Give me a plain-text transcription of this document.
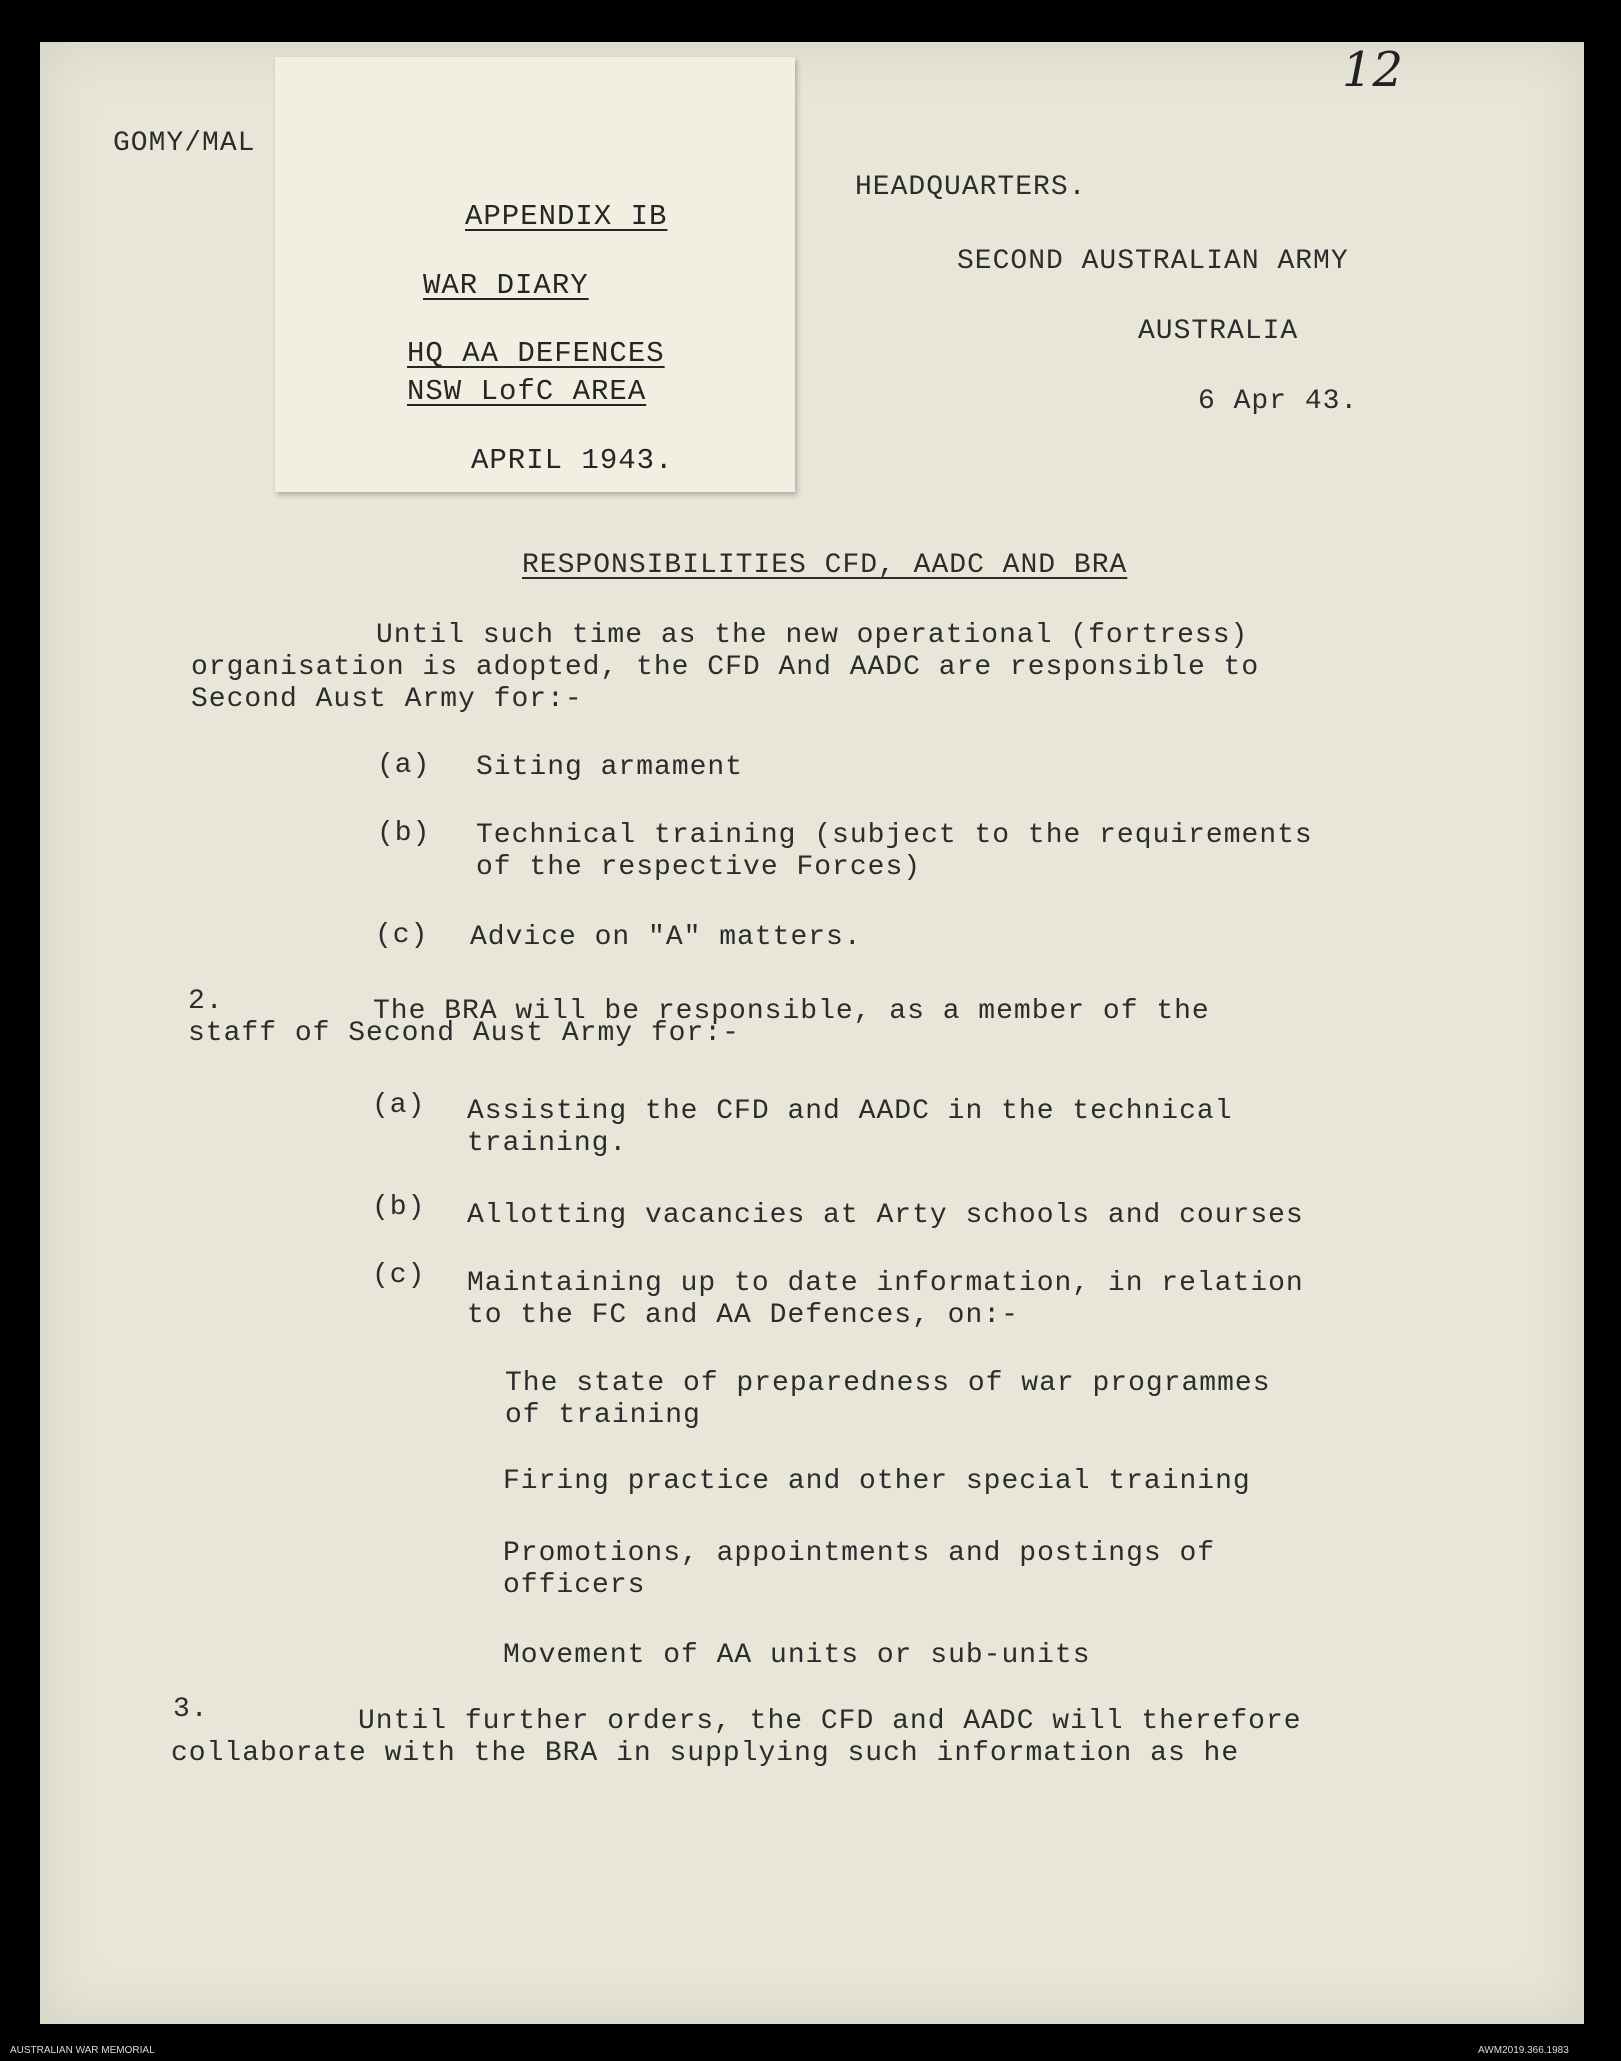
12
GOMY/MAL
APPENDIX IB
WAR DIARY
HQ AA DEFENCES
NSW LofC AREA
APRIL 1943.
HEADQUARTERS.
SECOND AUSTRALIAN ARMY
AUSTRALIA
6 Apr 43.
RESPONSIBILITIES CFD, AADC AND BRA
Until such time as the new operational (fortress)
organisation is adopted, the CFD And AADC are responsible to
Second Aust Army for:-
(a) Siting armament
(b) Technical training (subject to the requirements
of the respective Forces)
(c) Advice on "A" matters.
2.	The BRA will be responsible, as a member of the
staff of Second Aust Army for:-
(a) Assisting the CFD and AADC in the technical
training.
(b) Allotting vacancies at Arty schools and courses
(c) Maintaining up to date information, in relation
to the FC and AA Defences, on:-
The state of preparedness of war programmes
of training
Firing practice and other special training
Promotions, appointments and postings of
officers
Movement of AA units or sub-units
3.	Until further orders, the CFD and AADC will therefore
collaborate with the BRA in supplying such information as he
AUSTRALIAN WAR MEMORIAL	AWM2019.366.1983
